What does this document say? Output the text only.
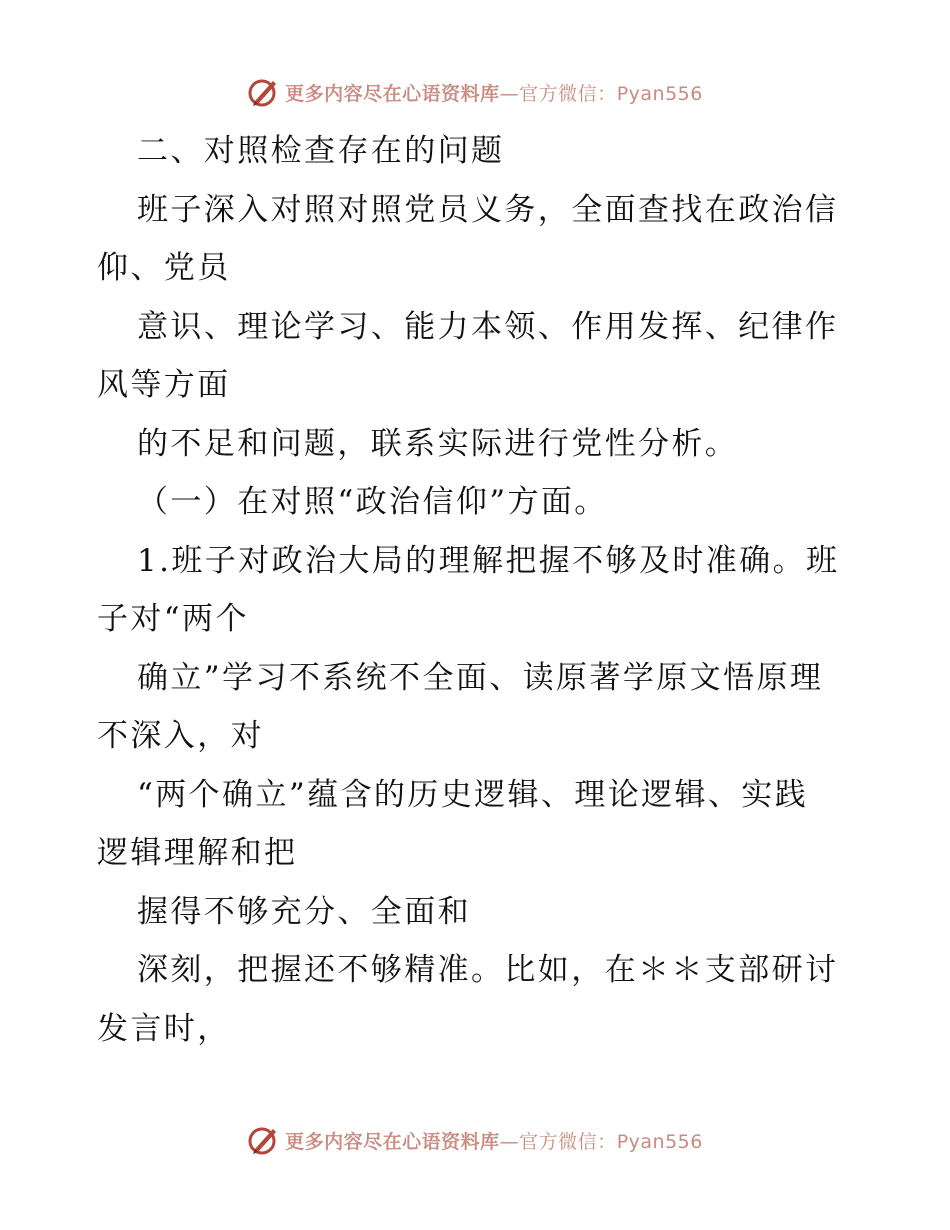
更多内容尽在心语资料库—官方微信：Pyan556
二、对照检查存在的问题
班子深入对照对照党员义务，全面查找在政治信
仰、党员
意识、理论学习、能力本领、作用发挥、纪律作
风等方面
的不足和问题，联系实际进行党性分析。
（一）在对照“政治信仰”方面。
1.班子对政治大局的理解把握不够及时准确。班
子对“两个
确立”学习不系统不全面、读原著学原文悟原理
不深入，对
“两个确立”蕴含的历史逻辑、理论逻辑、实践
逻辑理解和把
握得不够充分、全面和
深刻，把握还不够精准。比如，在＊＊支部研讨
发言时，
更多内容尽在心语资料库—官方微信：Pyan556
